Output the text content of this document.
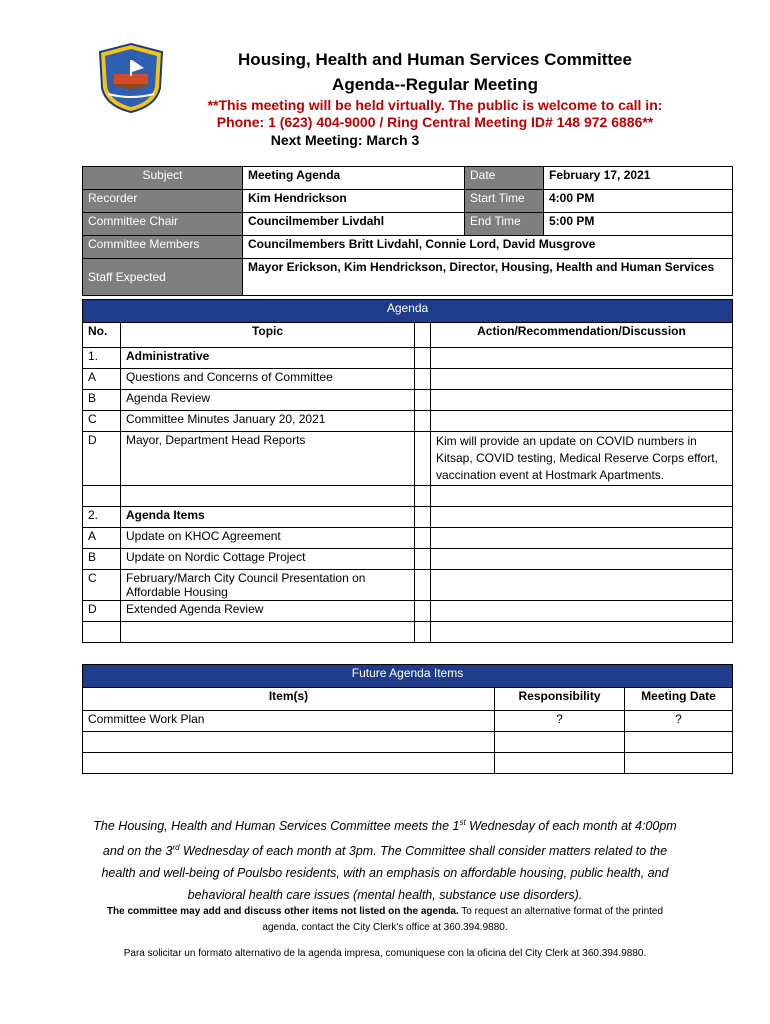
Housing, Health and Human Services Committee
Agenda--Regular Meeting
**This meeting will be held virtually. The public is welcome to call in:
Phone: 1 (623) 404-9000 / Ring Central Meeting ID# 148 972 6886**
Next Meeting: March 3
Subject	Meeting Agenda	Date	February 17, 2021
Recorder	Kim Hendrickson	Start Time	4:00 PM
Committee Chair	Councilmember Livdahl	End Time	5:00 PM
Committee Members	Councilmembers Britt Livdahl, Connie Lord, David Musgrove		
Staff Expected	Mayor Erickson, Kim Hendrickson, Director, Housing, Health and Human Services		
Agenda			
No.	Topic		Action/Recommendation/Discussion
1.	Administrative		
A	Questions and Concerns of Committee		
B	Agenda Review		
C	Committee Minutes January 20, 2021		
D	Mayor, Department Head Reports		Kim will provide an update on COVID numbers in Kitsap, COVID testing, Medical Reserve Corps effort, vaccination event at Hostmark Apartments.

2.	Agenda Items		
A	Update on KHOC Agreement		
B	Update on Nordic Cottage Project		
C	February/March City Council Presentation on Affordable Housing		
D	Extended Agenda Review		

Future Agenda Items		
Item(s)	Responsibility	Meeting Date
Committee Work Plan	?	?

The Housing, Health and Human Services Committee meets the 1st Wednesday of each month at 4:00pm and on the 3rd Wednesday of each month at 3pm. The Committee shall consider matters related to the health and well-being of Poulsbo residents, with an emphasis on affordable housing, public health, and behavioral health care issues (mental health, substance use disorders).
The committee may add and discuss other items not listed on the agenda. To request an alternative format of the printed agenda, contact the City Clerk's office at 360.394.9880.
Para solicitar un formato alternativo de la agenda impresa, comuniquese con la oficina del City Clerk at 360.394.9880.
